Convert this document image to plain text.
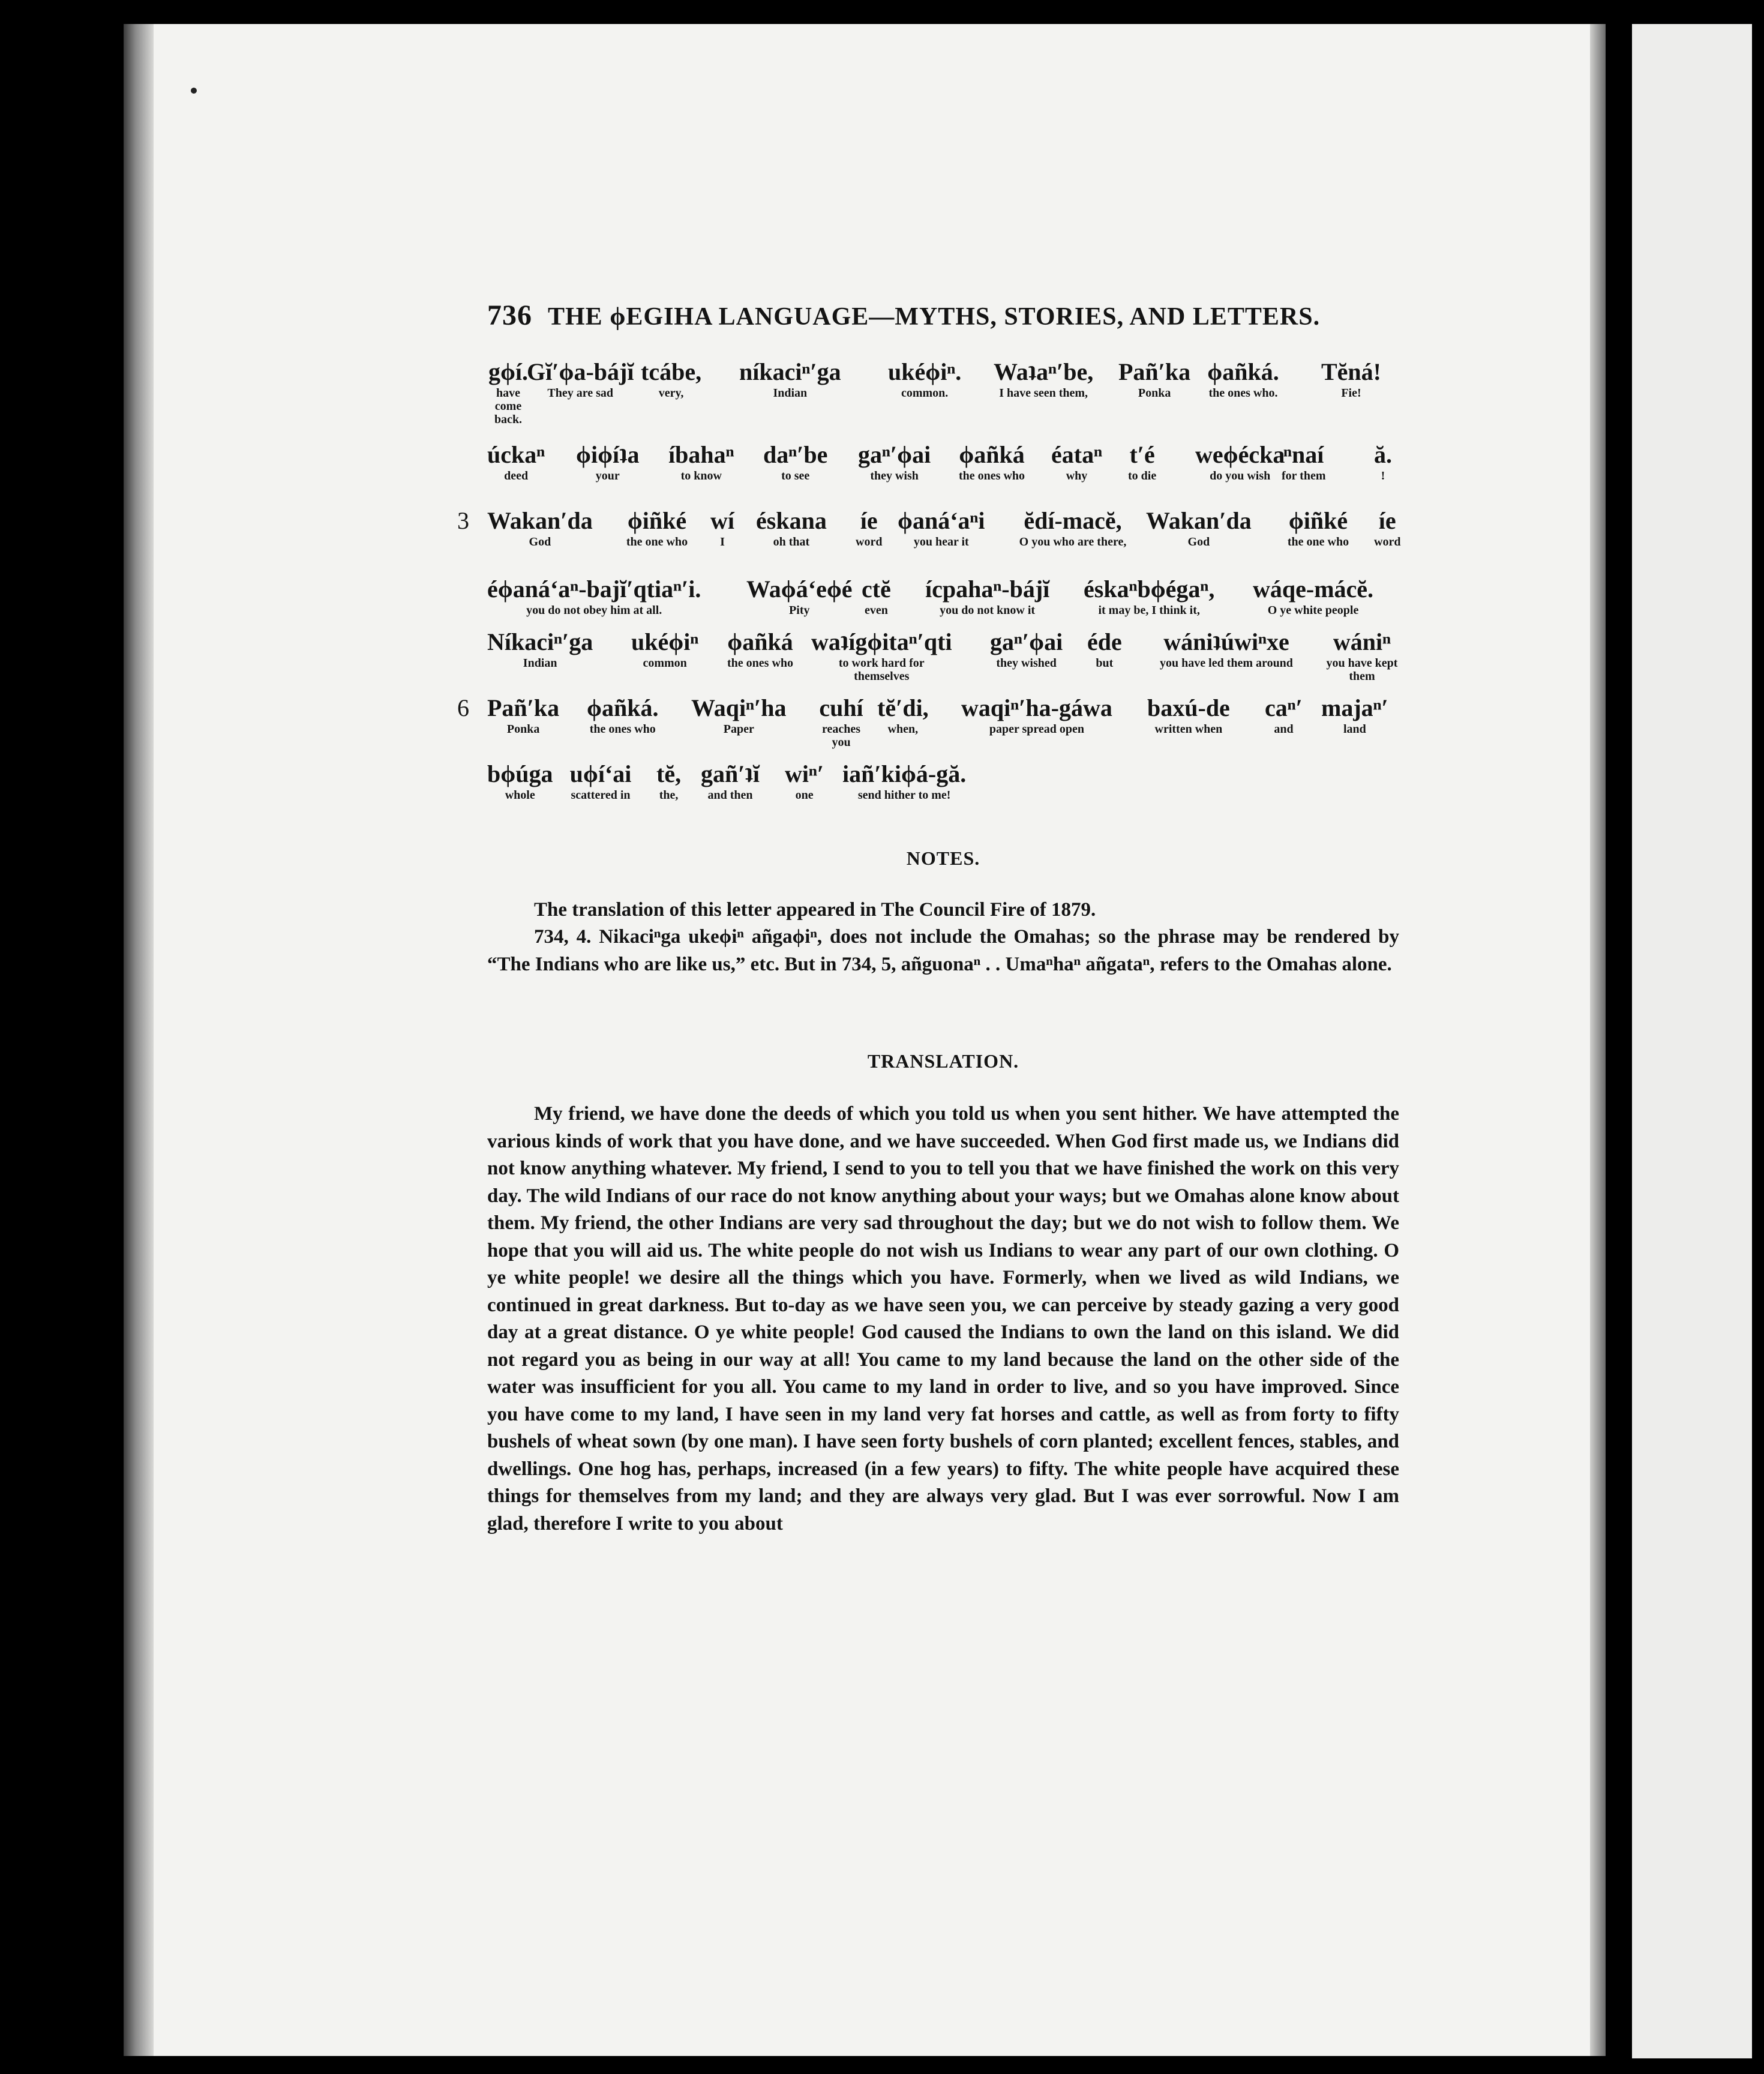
736 THE ϕEGIHA LANGUAGE—MYTHS, STORIES, AND LETTERS.
gϕí.
have come back.
Gĭ′ϕa-bájĭ
They are sad
tcábe,
very,
níkaciⁿ′ga
Indian
ukéϕiⁿ.
common.
Waʇaⁿ′be,
I have seen them,
Pañ′ka
Ponka
ϕañká.
the ones who.
Tĕná!
Fie!
úckaⁿ
deed
ϕiϕíʇa
your
íbahaⁿ
to know
daⁿ′be
to see
gaⁿ′ϕai
they wish
ϕañká
the ones who
éataⁿ
why
t′é
to die
weϕécka
do you wish
ⁿnaí
for them
ă.
!
3 Wakan′da
God
ϕiñké
the one who
wí
I
éskana
oh that
íe
word
ϕaná‘aⁿi
you hear it
ĕdí-macĕ,
O you who are there,
Wakan′da
God
ϕiñké
the one who
íe
word
éϕaná‘aⁿ-bajĭ′qtiaⁿ′i.
you do not obey him at all.
Waϕá‘eϕé
Pity
ctĕ
even
ícpahaⁿ-bájĭ
you do not know it
éskaⁿbϕégaⁿ,
it may be, I think it,
wáqe-mácĕ.
O ye white people
Níkaciⁿ′ga
Indian
ukéϕiⁿ
common
ϕañká
the ones who
waʇígϕitaⁿ′qti
to work hard for themselves
gaⁿ′ϕai
they wished
éde
but
wániʇúwiⁿxe
you have led them around
wániⁿ
you have kept them
6 Pañ′ka
Ponka
ϕañká.
the ones who
Waqiⁿ′ha
Paper
cuhí
reaches you
tĕ′di,
when,
waqiⁿ′ha-gáwa
paper spread open
baxú-de
written when
caⁿ′
and
majaⁿ′
land
bϕúga
whole
uϕí‘ai
scattered in
tĕ,
the,
gañ′ʇĭ
and then
wiⁿ′
one
iañ′kiϕá-gă.
send hither to me!
NOTES.

The translation of this letter appeared in The Council Fire of 1879.

734, 4. Nikaciⁿga ukeϕiⁿ añgaϕiⁿ, does not include the Omahas; so the phrase may be rendered by “The Indians who are like us,” etc. But in 734, 5, añguonaⁿ . . Umaⁿhaⁿ añgataⁿ, refers to the Omahas alone.

TRANSLATION.

My friend, we have done the deeds of which you told us when you sent hither. We have attempted the various kinds of work that you have done, and we have succeeded. When God first made us, we Indians did not know anything whatever. My friend, I send to you to tell you that we have finished the work on this very day. The wild Indians of our race do not know anything about your ways; but we Omahas alone know about them. My friend, the other Indians are very sad throughout the day; but we do not wish to follow them. We hope that you will aid us. The white people do not wish us Indians to wear any part of our own clothing. O ye white people! we desire all the things which you have. Formerly, when we lived as wild Indians, we continued in great darkness. But to-day as we have seen you, we can perceive by steady gazing a very good day at a great distance. O ye white people! God caused the Indians to own the land on this island. We did not regard you as being in our way at all! You came to my land because the land on the other side of the water was insufficient for you all. You came to my land in order to live, and so you have improved. Since you have come to my land, I have seen in my land very fat horses and cattle, as well as from forty to fifty bushels of wheat sown (by one man). I have seen forty bushels of corn planted; excellent fences, stables, and dwellings. One hog has, perhaps, increased (in a few years) to fifty. The white people have acquired these things for themselves from my land; and they are always very glad. But I was ever sorrowful. Now I am glad, therefore I write to you about
